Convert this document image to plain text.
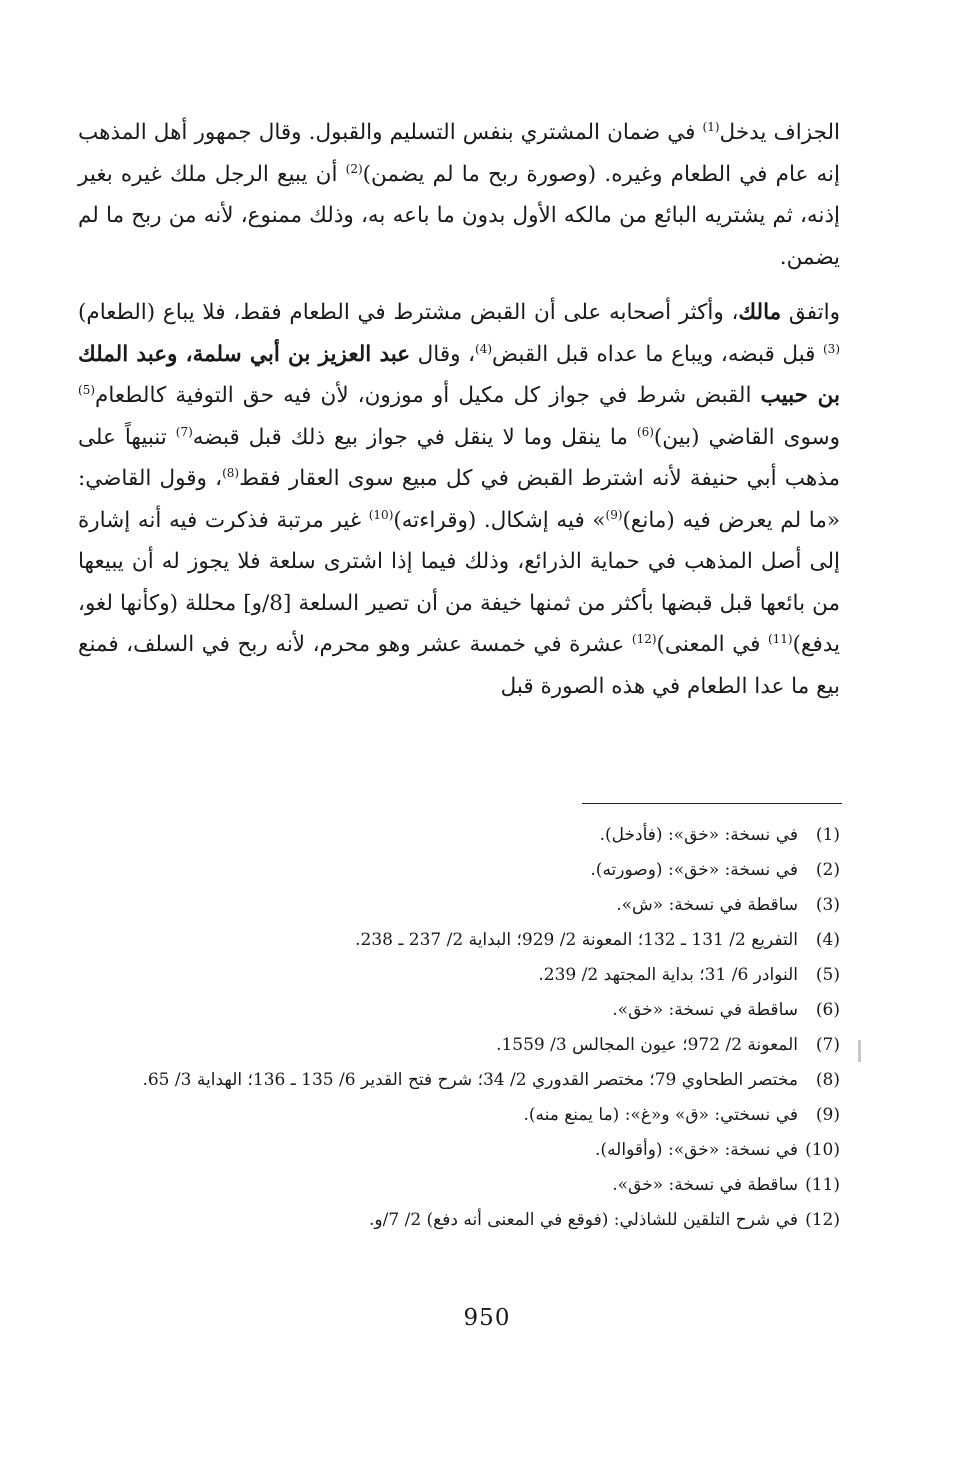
الجزاف يدخل$^{(1)}$ في ضمان المشتري بنفس التسليم والقبول. وقال جمهور أهل المذهب إنه عام في الطعام وغيره. (وصورة ربح ما لم يضمن)$^{(2)}$ أن يبيع الرجل ملك غيره بغير إذنه، ثم يشتريه البائع من مالكه الأول بدون ما باعه به، وذلك ممنوع، لأنه من ربح ما لم يضمن.

واتفق مالك، وأكثر أصحابه على أن القبض مشترط في الطعام فقط، فلا يباع (الطعام)$^{(3)}$ قبل قبضه، ويباع ما عداه قبل القبض$^{(4)}$، وقال عبد العزيز بن أبي سلمة، وعبد الملك بن حبيب القبض شرط في جواز كل مكيل أو موزون، لأن فيه حق التوفية كالطعام$^{(5)}$ وسوى القاضي (بين)$^{(6)}$ ما ينقل وما لا ينقل في جواز بيع ذلك قبل قبضه$^{(7)}$ تنبيهاً على مذهب أبي حنيفة لأنه اشترط القبض في كل مبيع سوى العقار فقط$^{(8)}$، وقول القاضي: «ما لم يعرض فيه (مانع)$^{(9)}$» فيه إشكال. (وقراءته)$^{(10)}$ غير مرتبة فذكرت فيه أنه إشارة إلى أصل المذهب في حماية الذرائع، وذلك فيما إذا اشترى سلعة فلا يجوز له أن يبيعها من بائعها قبل قبضها بأكثر من ثمنها خيفة من أن تصير السلعة [8/و] محللة (وكأنها لغو، يدفع)$^{(11)}$ في المعنى)$^{(12)}$ عشرة في خمسة عشر وهو محرم، لأنه ربح في السلف، فمنع بيع ما عدا الطعام في هذه الصورة قبل

(1)
في نسخة: «خق»: (فأدخل).
(2)
في نسخة: «خق»: (وصورته).
(3)
ساقطة في نسخة: «ش».
(4)
التفريع 2/ 131 ـ 132؛ المعونة 2/ 929؛ البداية 2/ 237 ـ 238.
(5)
النوادر 6/ 31؛ بداية المجتهد 2/ 239.
(6)
ساقطة في نسخة: «خق».
(7)
المعونة 2/ 972؛ عيون المجالس 3/ 1559.
(8)
مختصر الطحاوي 79؛ مختصر القدوري 2/ 34؛ شرح فتح القدير 6/ 135 ـ 136؛ الهداية 3/ 65.
(9)
في نسختي: «ق» و«غ»: (ما يمنع منه).
(10)
في نسخة: «خق»: (وأقواله).
(11)
ساقطة في نسخة: «خق».
(12)
في شرح التلقين للشاذلي: (فوقع في المعنى أنه دفع) 2/ 7/و.
950
